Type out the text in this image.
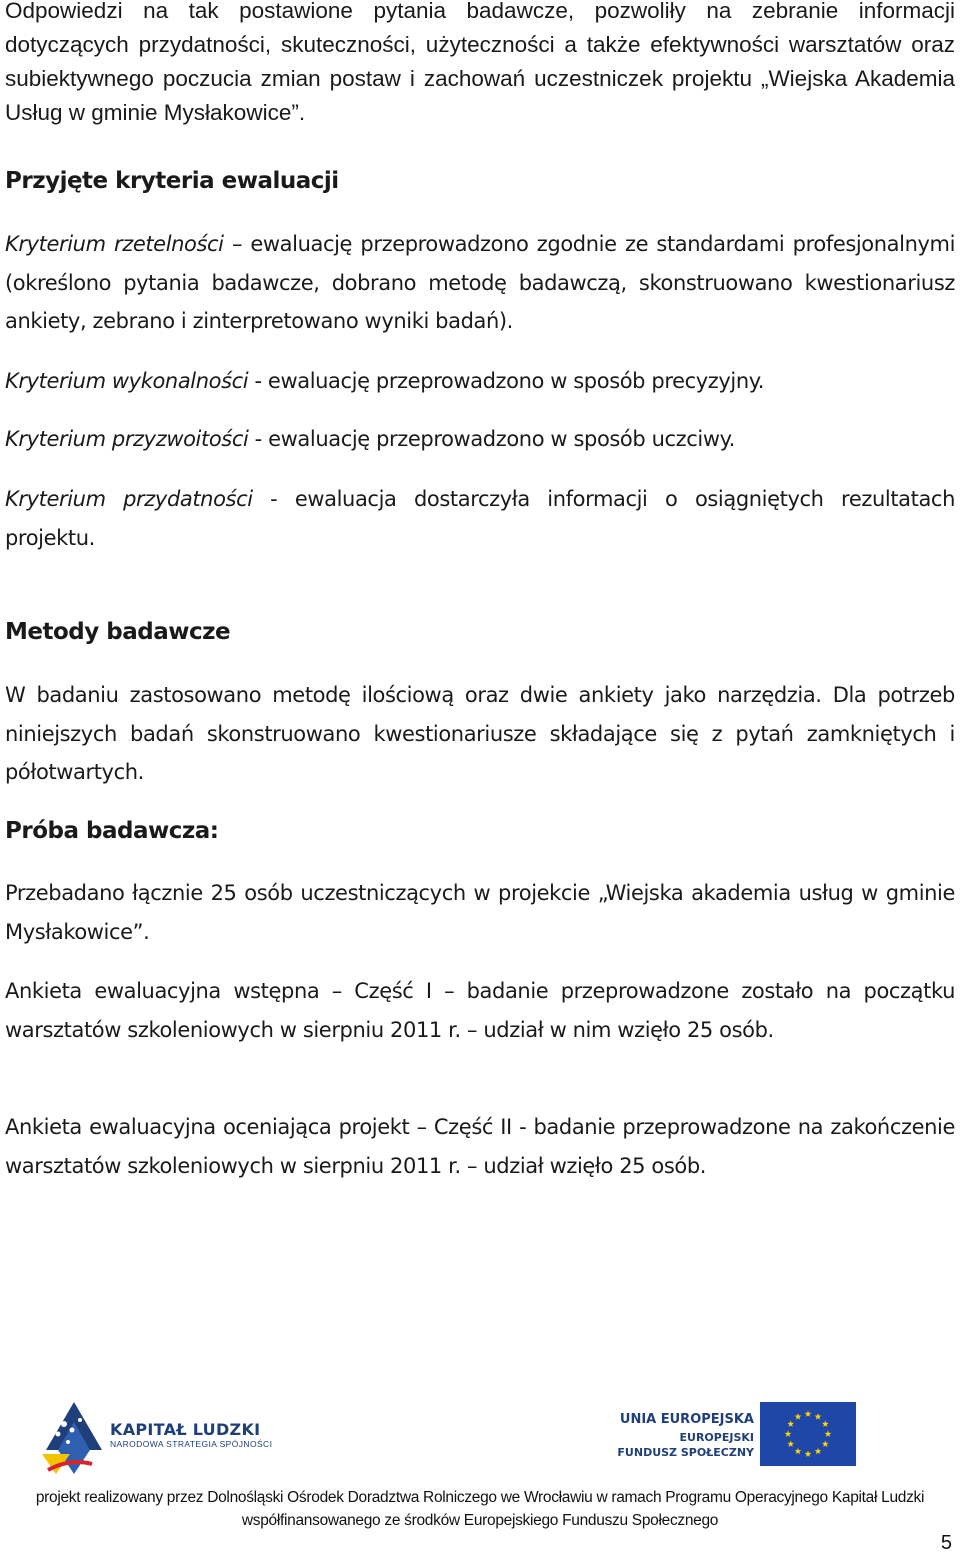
Odpowiedzi na tak postawione pytania badawcze, pozwoliły na zebranie informacji dotyczących przydatności, skuteczności, użyteczności a także efektywności warsztatów oraz subiektywnego poczucia zmian postaw i zachowań uczestniczek projektu „Wiejska Akademia Usług w gminie Mysłakowice”.

Przyjęte kryteria ewaluacji

Kryterium rzetelności – ewaluację przeprowadzono zgodnie ze standardami profesjonalnymi (określono pytania badawcze, dobrano metodę badawczą, skonstruowano kwestionariusz ankiety, zebrano i zinterpretowano wyniki badań).

Kryterium wykonalności - ewaluację przeprowadzono w sposób precyzyjny.

Kryterium przyzwoitości - ewaluację przeprowadzono w sposób uczciwy.

Kryterium przydatności - ewaluacja dostarczyła informacji o osiągniętych rezultatach projektu.

Metody badawcze

W badaniu zastosowano metodę ilościową oraz dwie ankiety jako narzędzia. Dla potrzeb niniejszych badań skonstruowano kwestionariusze składające się z pytań zamkniętych i półotwartych.

Próba badawcza:

Przebadano łącznie 25 osób uczestniczących w projekcie „Wiejska akademia usług w gminie Mysłakowice”.

Ankieta ewaluacyjna wstępna – Część I – badanie przeprowadzone zostało na początku warsztatów szkoleniowych w sierpniu 2011 r. – udział w nim wzięło 25 osób.

Ankieta ewaluacyjna oceniająca projekt – Część II - badanie przeprowadzone na zakończenie warsztatów szkoleniowych w sierpniu 2011 r. – udział wzięło 25 osób.

KAPITAŁ LUDZKI
NARODOWA STRATEGIA SPÓJNOŚCI
UNIA EUROPEJSKA
EUROPEJSKI
FUNDUSZ SPOŁECZNY
projekt realizowany przez Dolnośląski Ośrodek Doradztwa Rolniczego we Wrocławiu w ramach Programu Operacyjnego Kapitał Ludzki
współfinansowanego ze środków Europejskiego Funduszu Społecznego
5
